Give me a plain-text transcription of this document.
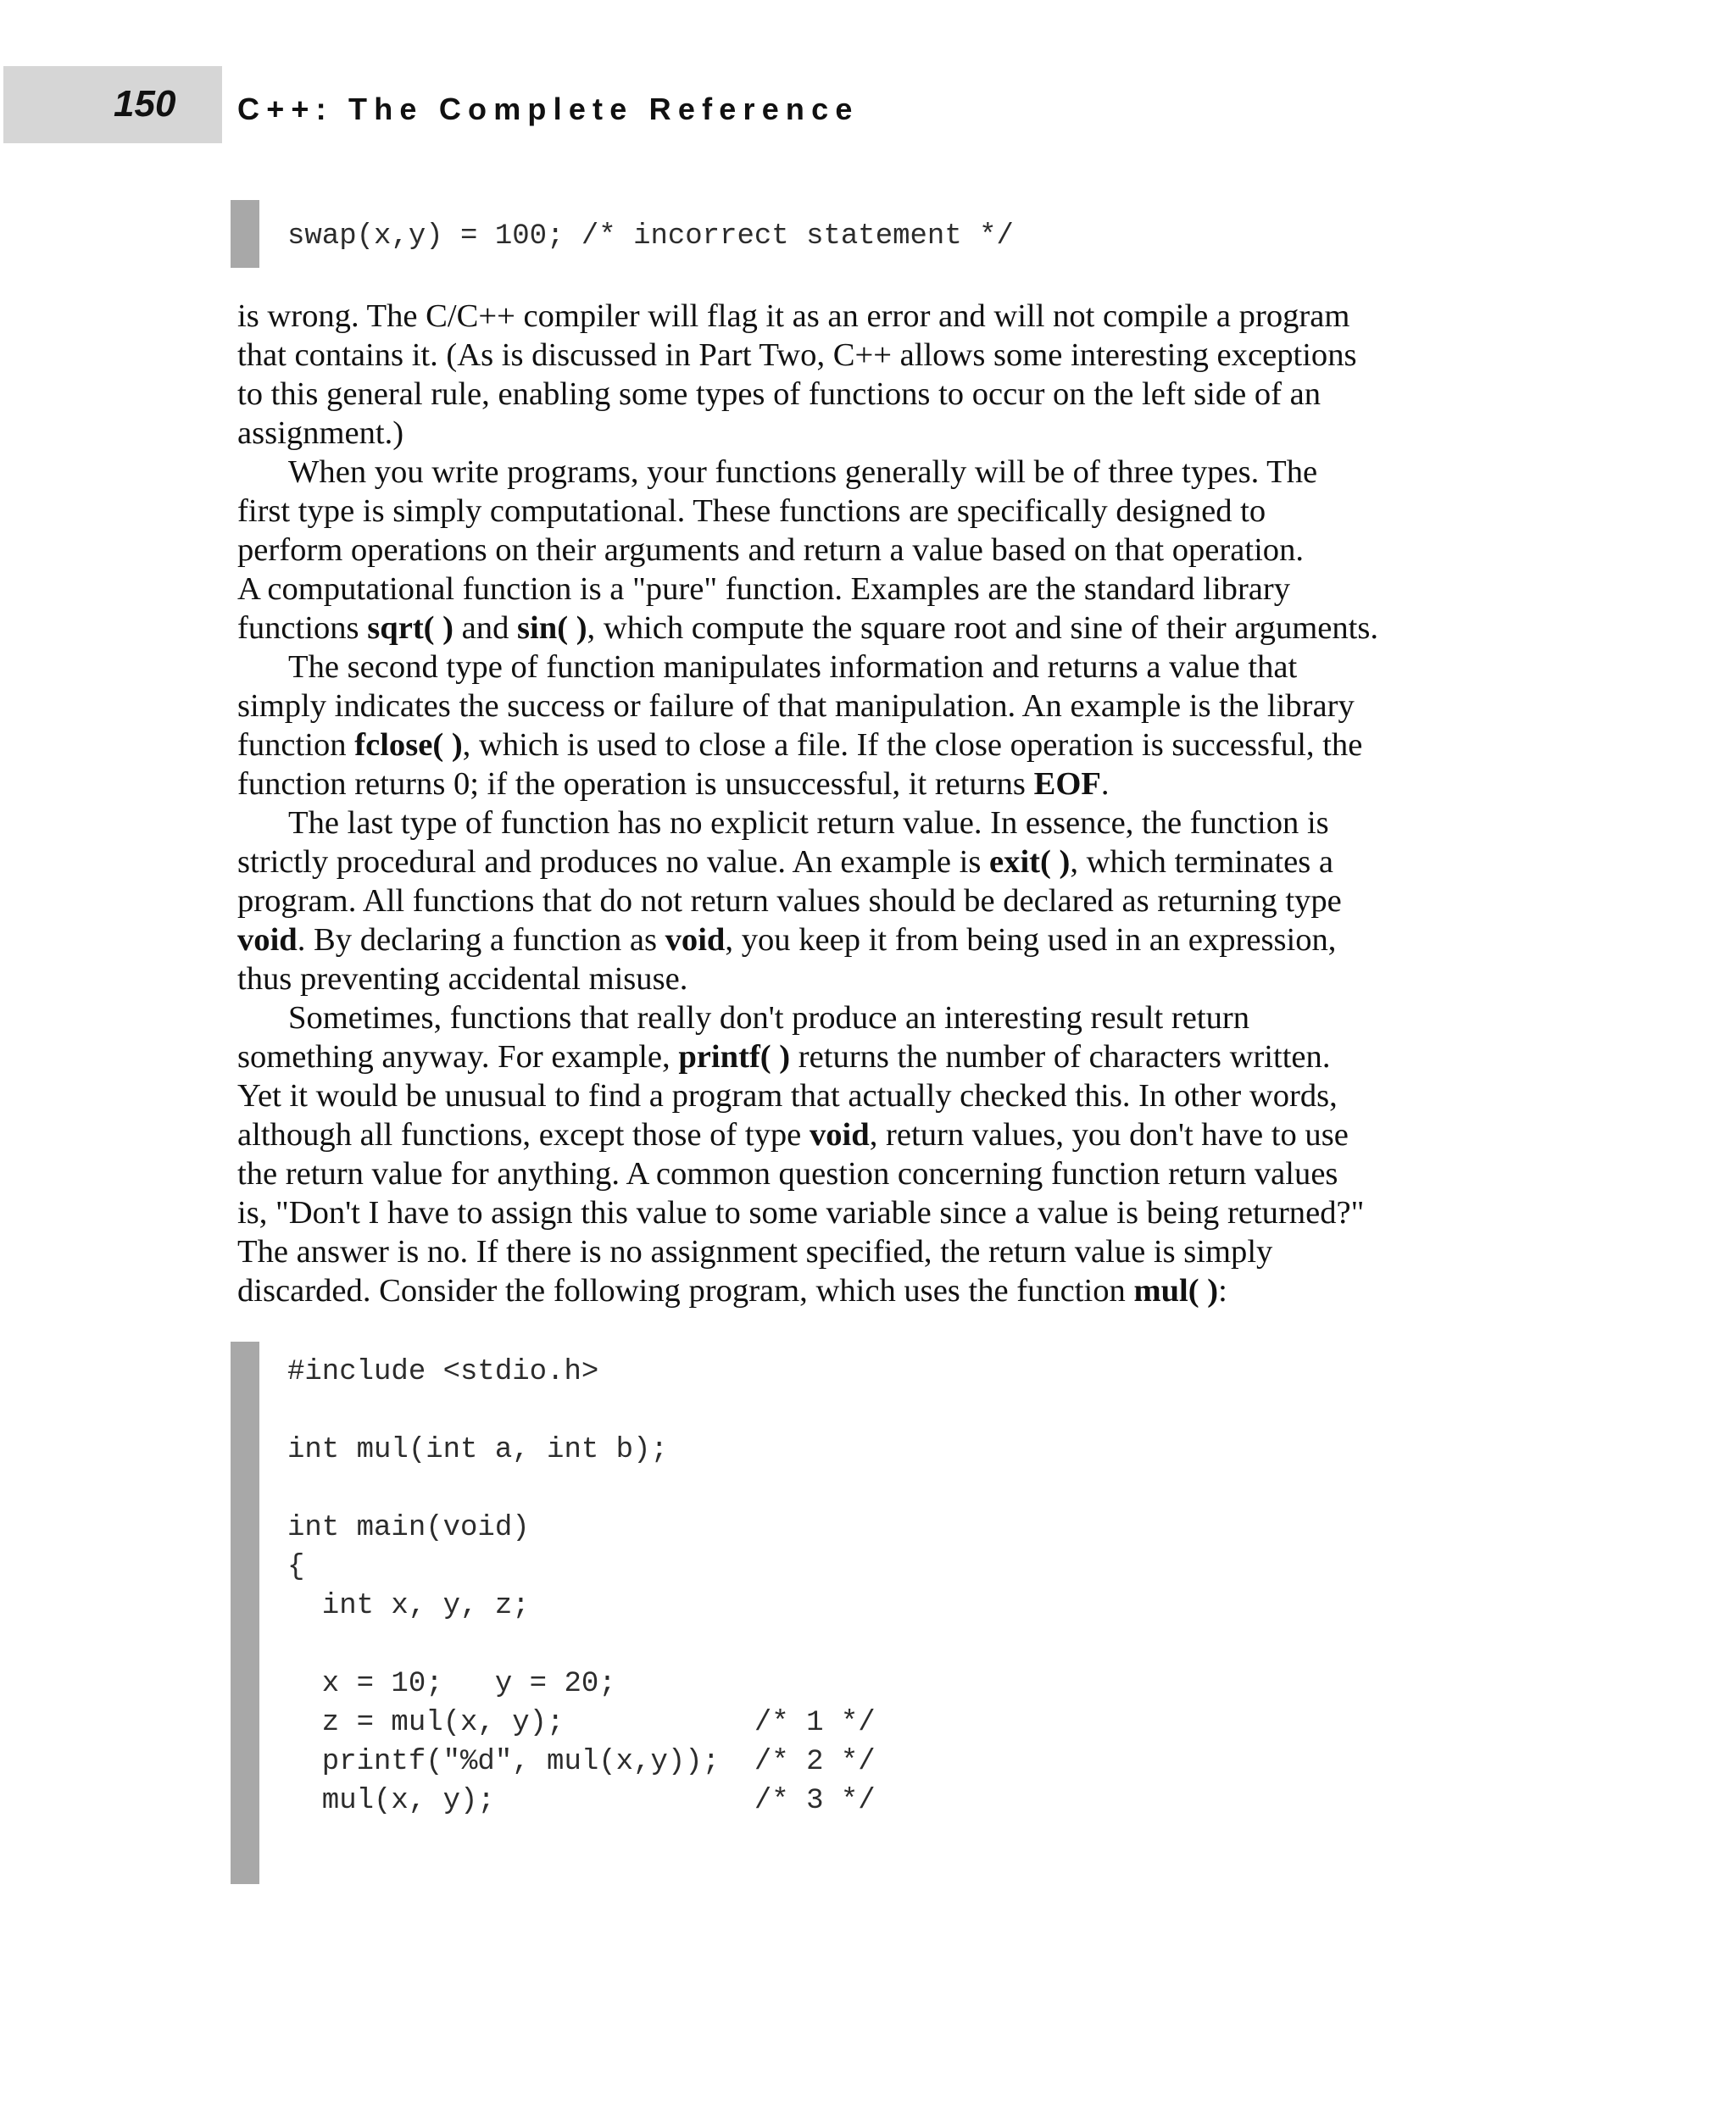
150 C++: The Complete Reference
swap(x,y) = 100; /* incorrect statement */
is wrong. The C/C++ compiler will flag it as an error and will not compile a program
that contains it. (As is discussed in Part Two, C++ allows some interesting exceptions
to this general rule, enabling some types of functions to occur on the left side of an
assignment.)
When you write programs, your functions generally will be of three types. The
first type is simply computational. These functions are specifically designed to
perform operations on their arguments and return a value based on that operation.
A computational function is a "pure" function. Examples are the standard library
functions sqrt( ) and sin( ), which compute the square root and sine of their arguments.
The second type of function manipulates information and returns a value that
simply indicates the success or failure of that manipulation. An example is the library
function fclose( ), which is used to close a file. If the close operation is successful, the
function returns 0; if the operation is unsuccessful, it returns EOF.
The last type of function has no explicit return value. In essence, the function is
strictly procedural and produces no value. An example is exit( ), which terminates a
program. All functions that do not return values should be declared as returning type
void. By declaring a function as void, you keep it from being used in an expression,
thus preventing accidental misuse.
Sometimes, functions that really don't produce an interesting result return
something anyway. For example, printf( ) returns the number of characters written.
Yet it would be unusual to find a program that actually checked this. In other words,
although all functions, except those of type void, return values, you don't have to use
the return value for anything. A common question concerning function return values
is, "Don't I have to assign this value to some variable since a value is being returned?"
The answer is no. If there is no assignment specified, the return value is simply
discarded. Consider the following program, which uses the function mul( ):
#include <stdio.h>

int mul(int a, int b);

int main(void)
{
int x, y, z;

x = 10;   y = 20;
z = mul(x, y);           /* 1 */
printf("%d", mul(x,y));  /* 2 */
mul(x, y);               /* 3 */
